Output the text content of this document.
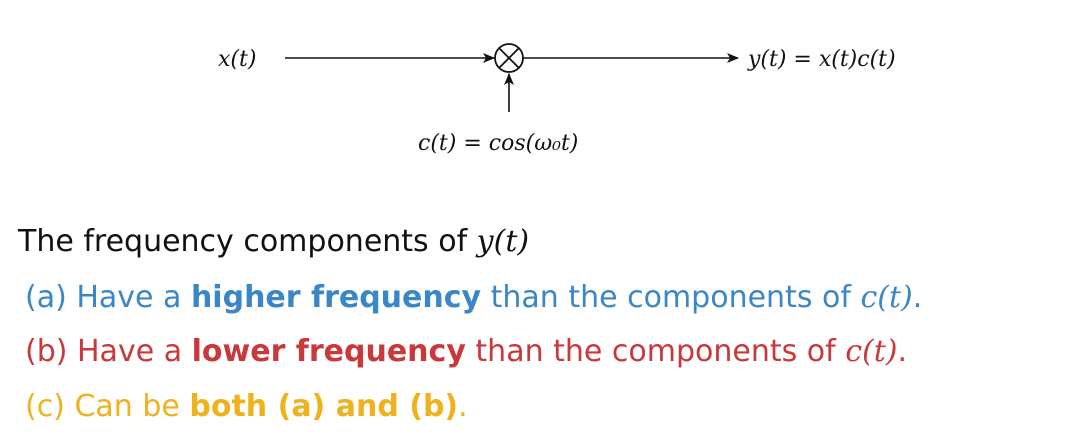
x(t)	y(t) = x(t)c(t)
c(t) = cos(ω₀t)
The frequency components of y(t)
(a) Have a higher frequency than the components of c(t).
(b) Have a lower frequency than the components of c(t).
(c) Can be both (a) and (b).
